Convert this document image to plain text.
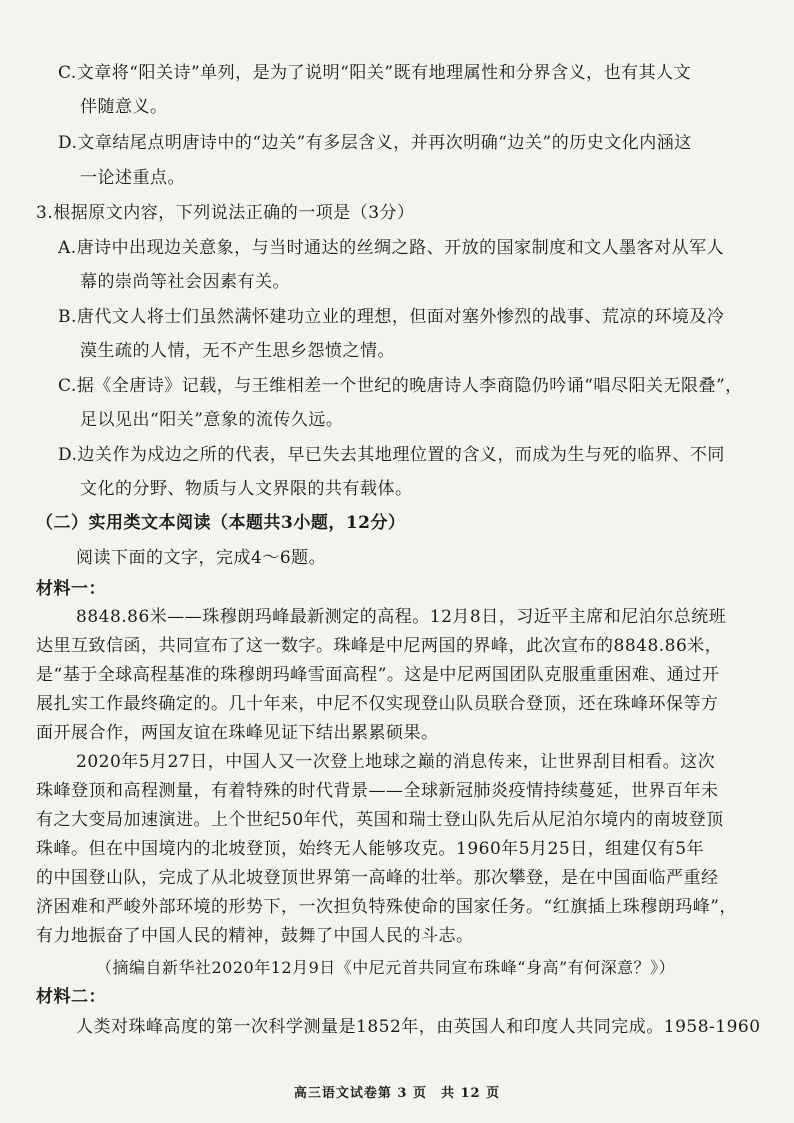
C.文章将“阳关诗”单列，是为了说明“阳关”既有地理属性和分界含义，也有其人文
伴随意义。
D.文章结尾点明唐诗中的“边关”有多层含义，并再次明确“边关”的历史文化内涵这
一论述重点。
3.根据原文内容，下列说法正确的一项是（3分）
A.唐诗中出现边关意象，与当时通达的丝绸之路、开放的国家制度和文人墨客对从军人
幕的崇尚等社会因素有关。
B.唐代文人将士们虽然满怀建功立业的理想，但面对塞外惨烈的战事、荒凉的环境及冷
漠生疏的人情，无不产生思乡怨愤之情。
C.据《全唐诗》记载，与王维相差一个世纪的晚唐诗人李商隐仍吟诵“唱尽阳关无限叠”，
足以见出“阳关”意象的流传久远。
D.边关作为戍边之所的代表，早已失去其地理位置的含义，而成为生与死的临界、不同
文化的分野、物质与人文界限的共有载体。
（二）实用类文本阅读（本题共3小题，12分）
阅读下面的文字，完成4～6题。
材料一：
8848.86米——珠穆朗玛峰最新测定的高程。12月8日，习近平主席和尼泊尔总统班
达里互致信函，共同宣布了这一数字。珠峰是中尼两国的界峰，此次宣布的8848.86米，
是“基于全球高程基准的珠穆朗玛峰雪面高程”。这是中尼两国团队克服重重困难、通过开
展扎实工作最终确定的。几十年来，中尼不仅实现登山队员联合登顶，还在珠峰环保等方
面开展合作，两国友谊在珠峰见证下结出累累硕果。
2020年5月27日，中国人又一次登上地球之巅的消息传来，让世界刮目相看。这次
珠峰登顶和高程测量，有着特殊的时代背景——全球新冠肺炎疫情持续蔓延，世界百年未
有之大变局加速演进。上个世纪50年代，英国和瑞士登山队先后从尼泊尔境内的南坡登顶
珠峰。但在中国境内的北坡登顶，始终无人能够攻克。1960年5月25日，组建仅有5年
的中国登山队，完成了从北坡登顶世界第一高峰的壮举。那次攀登，是在中国面临严重经
济困难和严峻外部环境的形势下，一次担负特殊使命的国家任务。“红旗插上珠穆朗玛峰”，
有力地振奋了中国人民的精神，鼓舞了中国人民的斗志。
（摘编自新华社2020年12月9日《中尼元首共同宣布珠峰“身高”有何深意？》）
材料二：
人类对珠峰高度的第一次科学测量是1852年，由英国人和印度人共同完成。1958-1960
高三语文试卷第 3 页　共 12 页
